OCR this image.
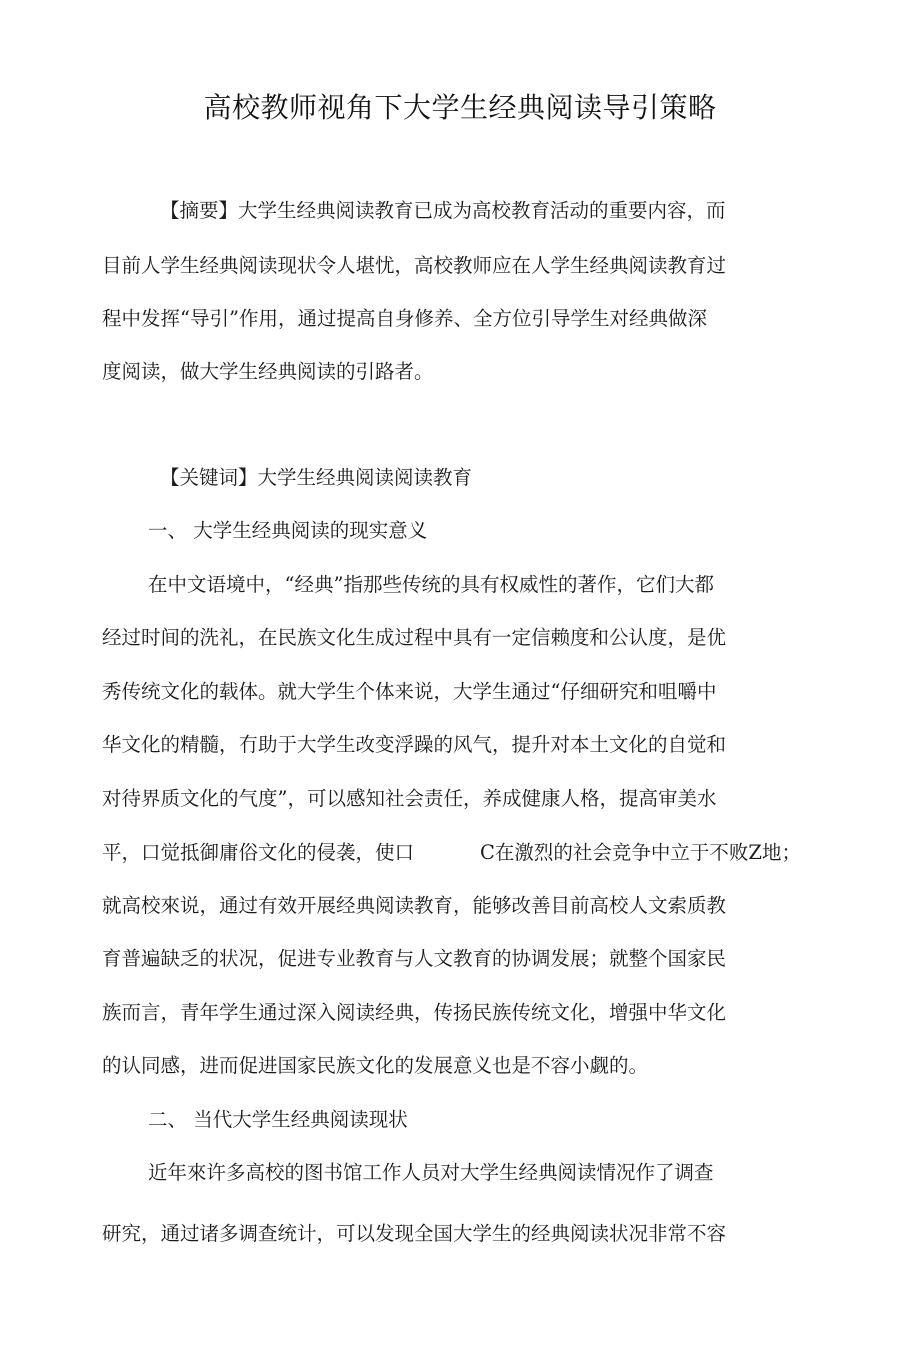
高校教师视角下大学生经典阅读导引策略
【摘要】大学生经典阅读教育已成为高校教育活动的重要内容，而
目前人学生经典阅读现状令人堪忧，高校教师应在人学生经典阅读教育过
程中发挥“导引”作用，通过提高自身修养、全方位引导学生对经典做深
度阅读，做大学生经典阅读的引路者。
【关键词】大学生经典阅读阅读教育
一、 大学生经典阅读的现实意义
在中文语境中，“经典”指那些传统的具有权威性的著作，它们大都
经过时间的洗礼，在民族文化生成过程中具有一定信赖度和公认度，是优
秀传统文化的载体。就大学生个体来说，大学生通过“仔细研究和咀嚼中
华文化的精髓，冇助于大学生改变浮躁的风气，提升对本土文化的自觉和
对待界质文化的气度”，可以感知社会责任，养成健康人格，提高审美水
平，口觉抵御庸俗文化的侵袭，使口	C在激烈的社会竞争中立于不败Z地；
就高校來说，通过有效开展经典阅读教育，能够改善目前高校人文索质教
育普遍缺乏的状况，促进专业教育与人文教育的协调发展；就整个国家民
族而言，青年学生通过深入阅读经典，传扬民族传统文化，增强中华文化
的认同感，进而促进国家民族文化的发展意义也是不容小觑的。
二、 当代大学生经典阅读现状
近年來许多高校的图书馆工作人员对大学生经典阅读情况作了调查
研究，通过诸多调查统计，可以发现全国大学生的经典阅读状况非常不容
